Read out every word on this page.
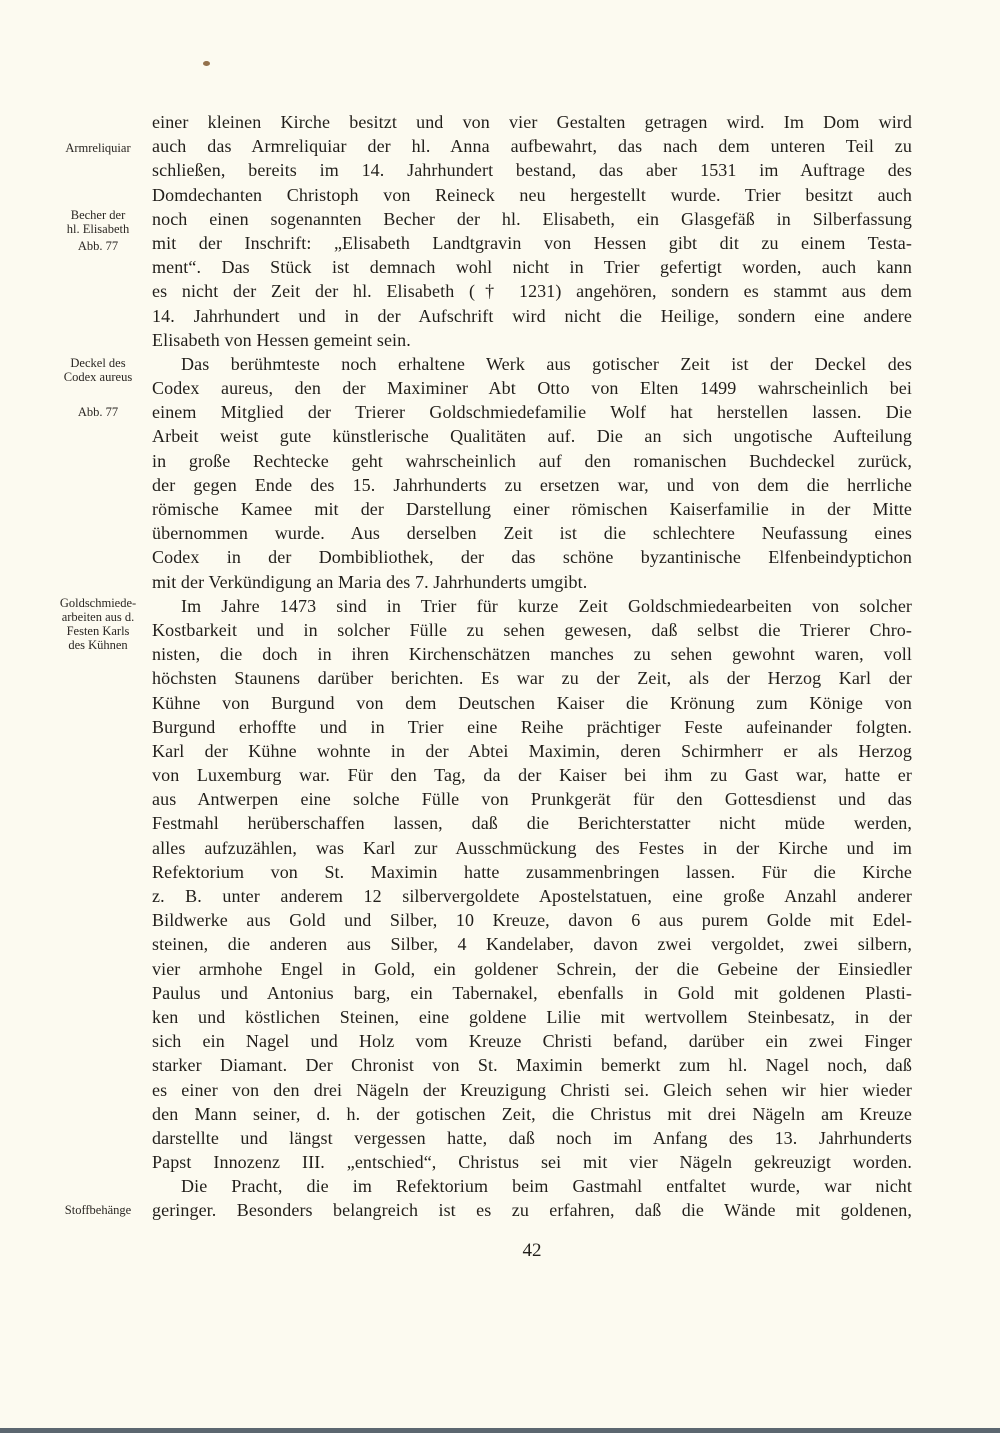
Armreliquiar
Becher der
hl. Elisabeth
Abb. 77
Deckel des
Codex aureus
Abb. 77
Goldschmiede-
arbeiten aus d.
Festen Karls
des Kühnen
Stoffbehänge
einer kleinen Kirche besitzt und von vier Gestalten getragen wird. Im Dom wird
auch das Armreliquiar der hl. Anna aufbewahrt, das nach dem unteren Teil zu
schließen, bereits im 14. Jahrhundert bestand, das aber 1531 im Auftrage des
Domdechanten Christoph von Reineck neu hergestellt wurde. Trier besitzt auch
noch einen sogenannten Becher der hl. Elisabeth, ein Glasgefäß in Silberfassung
mit der Inschrift: „Elisabeth Landtgravin von Hessen gibt dit zu einem Testa-
ment“. Das Stück ist demnach wohl nicht in Trier gefertigt worden, auch kann
es nicht der Zeit der hl. Elisabeth († 1231) angehören, sondern es stammt aus dem
14. Jahrhundert und in der Aufschrift wird nicht die Heilige, sondern eine andere
Elisabeth von Hessen gemeint sein.
Das berühmteste noch erhaltene Werk aus gotischer Zeit ist der Deckel des
Codex aureus, den der Maximiner Abt Otto von Elten 1499 wahrscheinlich bei
einem Mitglied der Trierer Goldschmiedefamilie Wolf hat herstellen lassen. Die
Arbeit weist gute künstlerische Qualitäten auf. Die an sich ungotische Aufteilung
in große Rechtecke geht wahrscheinlich auf den romanischen Buchdeckel zurück,
der gegen Ende des 15. Jahrhunderts zu ersetzen war, und von dem die herrliche
römische Kamee mit der Darstellung einer römischen Kaiserfamilie in der Mitte
übernommen wurde. Aus derselben Zeit ist die schlechtere Neufassung eines
Codex in der Dombibliothek, der das schöne byzantinische Elfenbeindyptichon
mit der Verkündigung an Maria des 7. Jahrhunderts umgibt.
Im Jahre 1473 sind in Trier für kurze Zeit Goldschmiedearbeiten von solcher
Kostbarkeit und in solcher Fülle zu sehen gewesen, daß selbst die Trierer Chro-
nisten, die doch in ihren Kirchenschätzen manches zu sehen gewohnt waren, voll
höchsten Staunens darüber berichten. Es war zu der Zeit, als der Herzog Karl der
Kühne von Burgund von dem Deutschen Kaiser die Krönung zum Könige von
Burgund erhoffte und in Trier eine Reihe prächtiger Feste aufeinander folgten.
Karl der Kühne wohnte in der Abtei Maximin, deren Schirmherr er als Herzog
von Luxemburg war. Für den Tag, da der Kaiser bei ihm zu Gast war, hatte er
aus Antwerpen eine solche Fülle von Prunkgerät für den Gottesdienst und das
Festmahl herüberschaffen lassen, daß die Berichterstatter nicht müde werden,
alles aufzuzählen, was Karl zur Ausschmückung des Festes in der Kirche und im
Refektorium von St. Maximin hatte zusammenbringen lassen. Für die Kirche
z. B. unter anderem 12 silbervergoldete Apostelstatuen, eine große Anzahl anderer
Bildwerke aus Gold und Silber, 10 Kreuze, davon 6 aus purem Golde mit Edel-
steinen, die anderen aus Silber, 4 Kandelaber, davon zwei vergoldet, zwei silbern,
vier armhohe Engel in Gold, ein goldener Schrein, der die Gebeine der Einsiedler
Paulus und Antonius barg, ein Tabernakel, ebenfalls in Gold mit goldenen Plasti-
ken und köstlichen Steinen, eine goldene Lilie mit wertvollem Steinbesatz, in der
sich ein Nagel und Holz vom Kreuze Christi befand, darüber ein zwei Finger
starker Diamant. Der Chronist von St. Maximin bemerkt zum hl. Nagel noch, daß
es einer von den drei Nägeln der Kreuzigung Christi sei. Gleich sehen wir hier wieder
den Mann seiner, d. h. der gotischen Zeit, die Christus mit drei Nägeln am Kreuze
darstellte und längst vergessen hatte, daß noch im Anfang des 13. Jahrhunderts
Papst Innozenz III. „entschied“, Christus sei mit vier Nägeln gekreuzigt worden.
Die Pracht, die im Refektorium beim Gastmahl entfaltet wurde, war nicht
geringer. Besonders belangreich ist es zu erfahren, daß die Wände mit goldenen,
42
